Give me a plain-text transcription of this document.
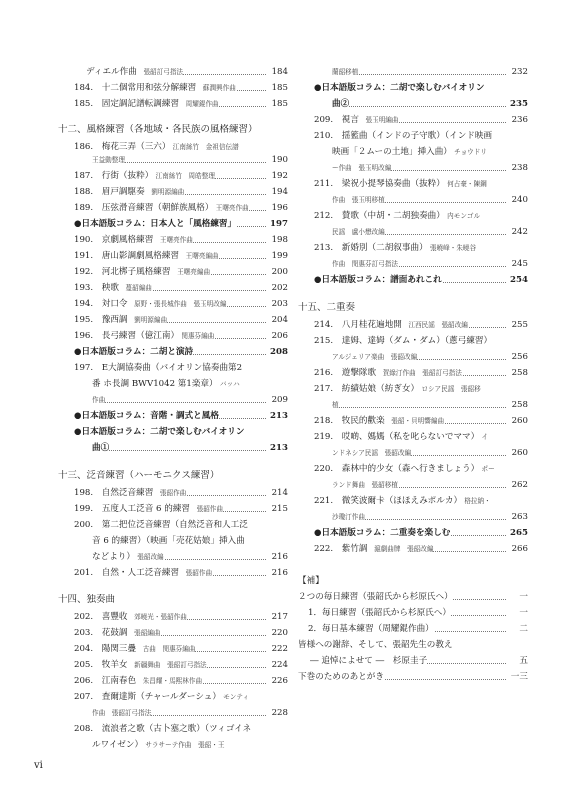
ディエル作曲　張韶訂弓指法	184
184.　十二個常用和弦分解練習　蘇潤興作曲	185
185.　固定調記譜転調練習　周耀錕作曲	185
十二、風格練習（各地域・各民族の風格練習）
186.　梅花三弄（三六）　江南絲竹　金祖信伝譜
王益動整理	190
187.　行街（抜粋）　江南絲竹　周皓整理	192
188.　眉戸調駆奏　劉明源編曲	194
189.　压弦滑音練習（朝鮮族風格）　王曙亮作曲	196
●日本語版コラム：日本人と「風格練習」	197
190.　京劇風格練習　王曙亮作曲	198
191.　唐山影調劇風格練習　王曙亮編曲	199
192.　河北梆子風格練習　王曙亮編曲	200
193.　秧歌　蔓韶編曲	202
194.　対口令　原野・張長城作曲　張玉明改編	203
195.　豫西調　劉明源編曲	204
196.　長弓練習（億江南）　閔惠芬編曲	206
●日本語版コラム：二胡と演詩	208
197.　E大調協奏曲（バイオリン協奏曲第2
番 ホ長調 BWV1042 第1楽章）　バッハ
作曲	209
●日本語版コラム：音階・調式と風格	213
●日本語版コラム：二胡で楽しむバイオリン
曲①	213
十三、泛音練習（ハーモニクス練習）
198.　自然泛音練習　張韶作曲	214
199.　五度人工泛音 6 的練習　張韶作曲	215
200.　第二把位泛音練習（自然泛音和人工泛
音 6 的練習）（映画「売花姑娘」挿入曲
などより）　張韶改編	216
201.　自然・人工泛音練習　張韶作曲	216
十四、独奏曲
202.　喜豐收　郊曉光・張韶作曲	217
203.　花鼓調　張韶編曲	220
204.　陽関三疊　古曲　閔惠芬編曲	222
205.　牧羊女　新疆舞曲　張韶訂弓指法	224
206.　江南春色　朱昌耀・馬熙林作曲	226
207.　査爾達斯（チャールダーシュ）　モンティ
作曲　張韶訂弓指法	228
208.　流浪者之歌（古卜塞之歌）（ツィゴイネ
ルワイゼン）　サラサーテ作曲　張韶・王
蘭韶移植	232
●日本語版コラム：二胡で楽しむバイオリン
曲②	235
209.　視言　張玉明編曲	236
210.　揺籃曲（インドの子守歌）（インド映画
映画「２ムーの土地」挿入曲）　チョウドリ
ー作曲　張玉明改編	238
211.　梁祝小提琴協奏曲（抜粋）　何占豪・陳鋼
作曲　張玉明移植	240
212.　賛歌（中胡・二胡独奏曲）　内モンゴル
民謡　盧小懋改編	242
213.　新婚別（二胡叙事曲）　張曉峰・朱曉谷
作曲　閔惠芬訂弓指法	245
●日本語版コラム：譜面あれこれ	254
十五、二重奏
214.　八月桂花遍地開　江西民謡　張韶改編	255
215.　達姆、達姆（ダム・ダム）（蔥弓練習）
アルジェリア楽曲　張韶改編	256
216.　遊撃隊歌　賀綠汀作曲　張韶訂弓指法	258
217.　紡績姑娘（紡ぎ女）　ロシア民謡　張韶移
植	258
218.　牧民的歡楽　張韶・貝明響編曲	260
219.　哎啲、媽媽（私を叱らないでママ）　イ
ンドネシア民謡　張韶改編	260
220.　森林中的少女（森へ行きましょう）　ポー
ランド舞曲　張韶移植	262
221.　微笑波爾卡（ほほえみポルカ）　格拉納・
沙瓊汀作曲	263
●日本語版コラム：二重奏を楽しむ	265
222.　紫竹調　滬劇曲牌　張韶改編	266
【補】
２つの毎日練習（張韶氏から杉原氏へ）	一
1．毎日練習（張韶氏から杉原氏へ）	一
2．毎日基本練習（周耀錕作曲）	二
皆様への謝辞、そして、張韶先生の教え
― 追悼によせて ―　杉原圭子	五
下巻のためのあとがき	一三
vi
